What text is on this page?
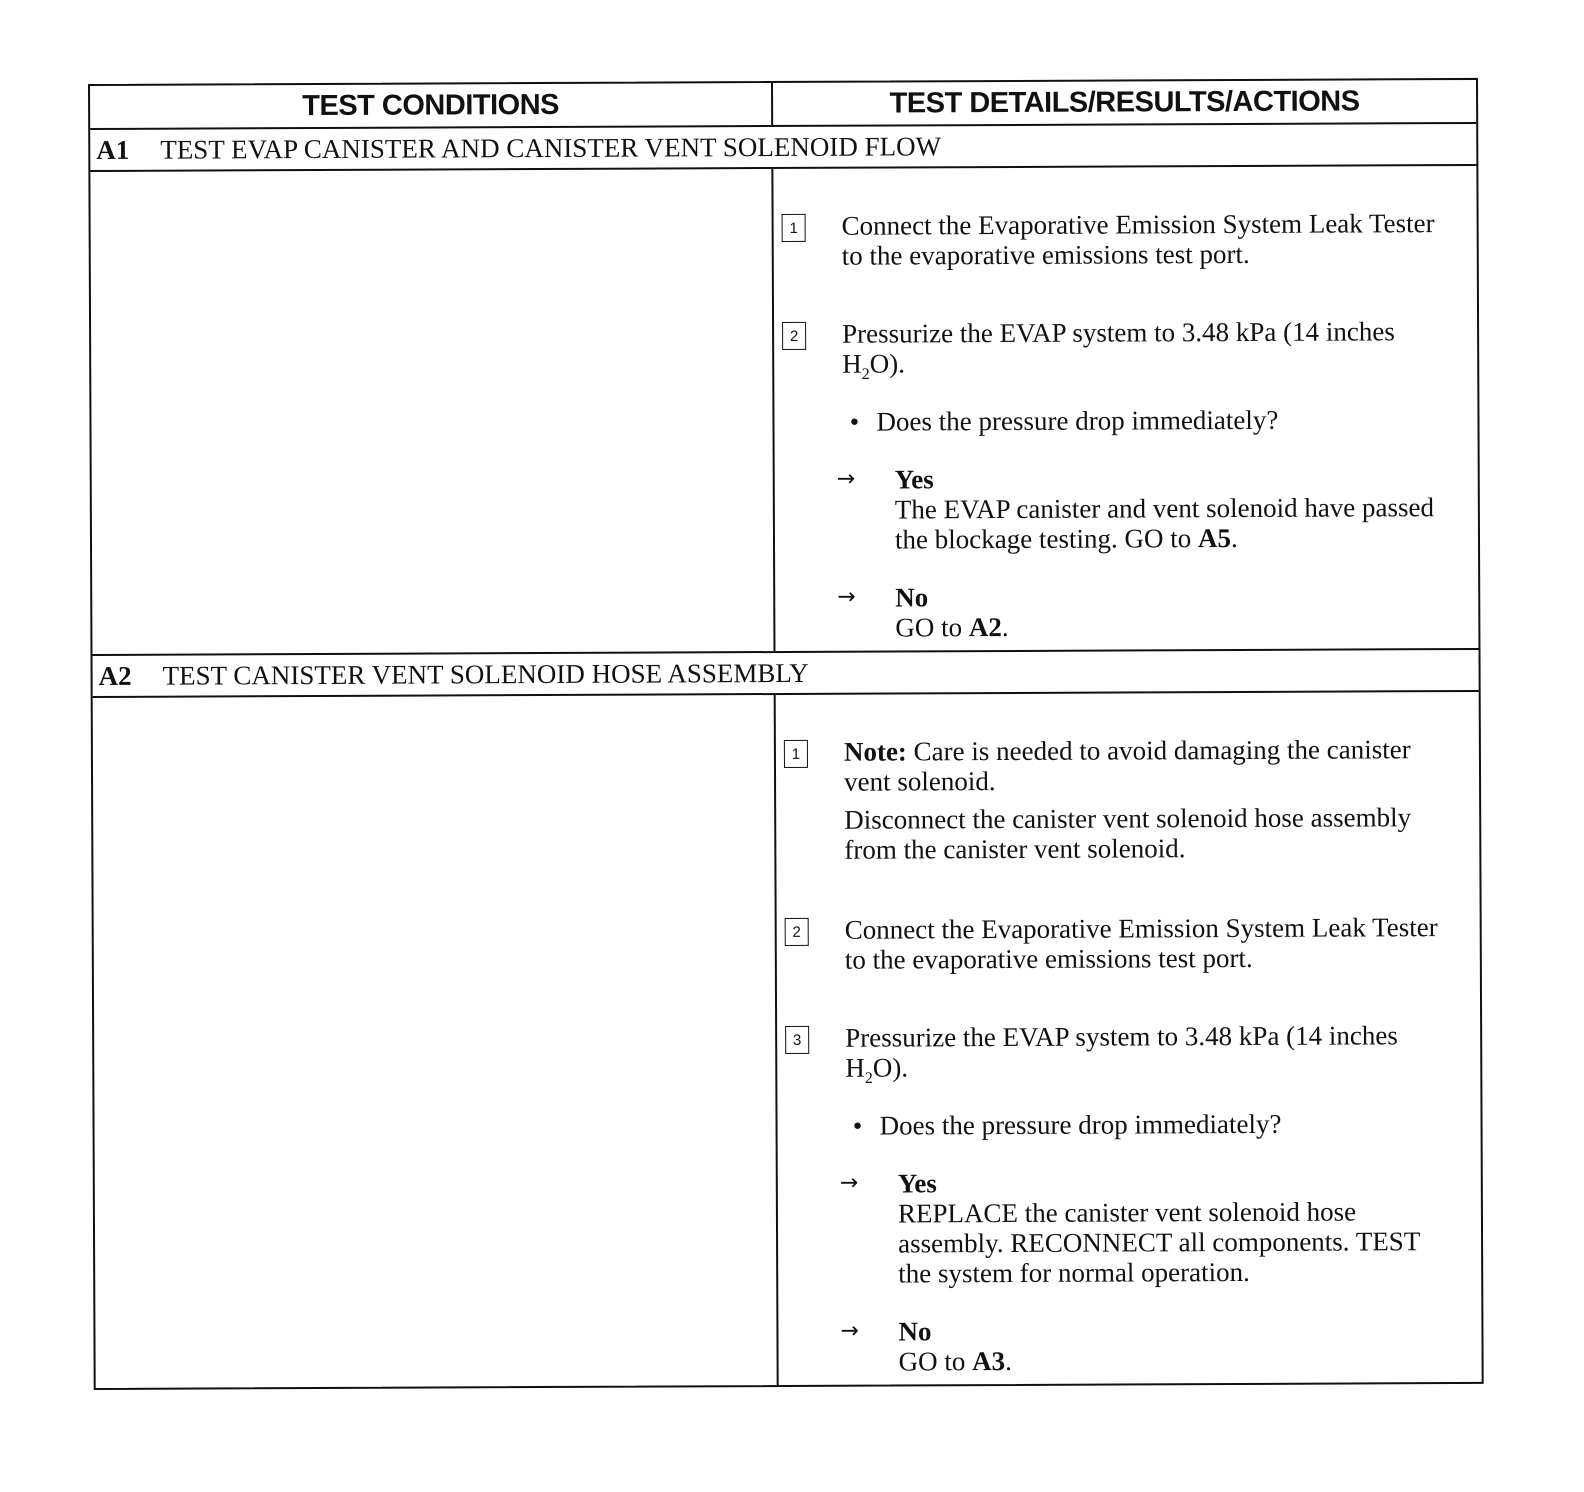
TEST CONDITIONS	TEST DETAILS/RESULTS/ACTIONS
A1	TEST EVAP CANISTER AND CANISTER VENT SOLENOID FLOW
1 Connect the Evaporative Emission System Leak Tester to the evaporative emissions test port.
2 Pressurize the EVAP system to 3.48 kPa (14 inches $H_2O$).
• Does the pressure drop immediately?
→	Yes
The EVAP canister and vent solenoid have passed the blockage testing. GO to A5.
→	No
GO to A2.
A2	TEST CANISTER VENT SOLENOID HOSE ASSEMBLY
1 Note: Care is needed to avoid damaging the canister vent solenoid.
Disconnect the canister vent solenoid hose assembly from the canister vent solenoid.
2 Connect the Evaporative Emission System Leak Tester to the evaporative emissions test port.
3 Pressurize the EVAP system to 3.48 kPa (14 inches $H_2O$).
• Does the pressure drop immediately?
→	Yes
REPLACE the canister vent solenoid hose assembly. RECONNECT all components. TEST the system for normal operation.
→	No
GO to A3.
